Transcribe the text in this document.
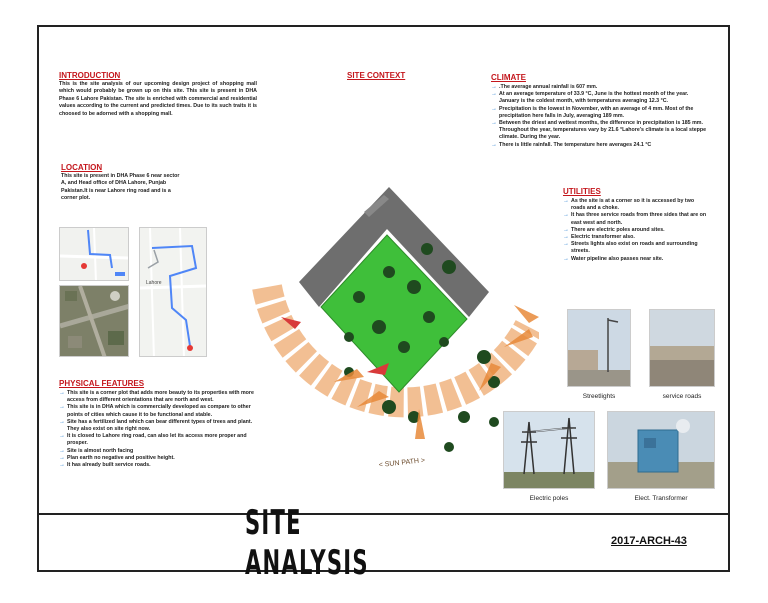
INTRODUCTION
This is the site analysis of our upcoming design project of shopping mall which would probably be grown up on this site. This site is present in DHA Phase 6 Lahore Pakistan. The site is enriched with commercial and residential values according to the current and predicted times. Due to its such traits it is choosed to be adorned with a shopping mall.
SITE CONTEXT
LOCATION
This site is present in DHA Phase 6 near sector A, and Head office of DHA Lahore, Punjab Pakistan.It is near Lahore ring road and is a corner plot.
Lahore
CLIMATE
→ .The average annual rainfall is 607 mm.
→ At an average temperature of 33.9 °C, June is the hottest month of the year. January is the coldest month, with temperatures averaging 12.3 °C.
→ Precipitation is the lowest in November, with an average of 4 mm. Most of the precipitation here falls in July, averaging 189 mm.
→ Between the driest and wettest months, the difference in precipitation is 185 mm. Throughout the year, temperatures vary by 21.6 °Lahore's climate is a local steppe climate. During the year.
→ There is little rainfall. The temperature here averages 24.1 °C
UTILITIES
→ As the site is at a corner so it is accessed by two roads and a choke.
→ It has three service roads from three sides that are on east west and north.
→ There are electric poles around sites.
→ Electric transformer also.
→ Streets lights also exist on roads and surrounding streets.
→ Water pipeline also passes near site.
PHYSICAL FEATURES
→ This site is a corner plot that adds more beauty to its properties with more access from different orientations that are north and west.
→ This site is in DHA which is commercially developed as compare to other points of cities which cause it to be functional and stable.
→ Site has a fertilized land which can bear different types of trees and plant. They also exist on site right now.
→ It is closed to Lahore ring road, can also let its access more proper and prosper.
→ Site is almost north facing
→ Plan earth no negative and positive height.
→ It has already built service roads.	< SUN PATH >
Streetlights	service roads
Electric poles	Elect. Transformer
SITE ANALYSIS
2017-ARCH-43
